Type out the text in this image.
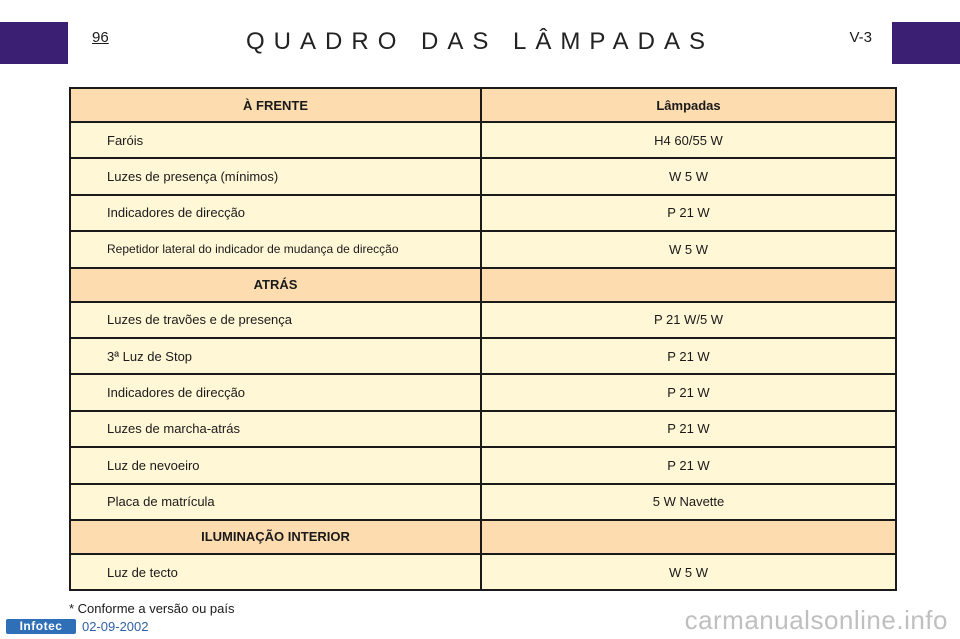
96	QUADRO DAS LÂMPADAS	V-3
À FRENTE	Lâmpadas
Faróis	H4 60/55 W
Luzes de presença (mínimos)	W 5 W
Indicadores de direcção	P 21 W
Repetidor lateral do indicador de mudança de direcção	W 5 W
ATRÁS	
Luzes de travões e de presença	P 21 W/5 W
3ª Luz de Stop	P 21 W
Indicadores de direcção	P 21 W
Luzes de marcha-atrás	P 21 W
Luz de nevoeiro	P 21 W
Placa de matrícula	5 W Navette
ILUMINAÇÃO INTERIOR	
Luz de tecto	W 5 W
* Conforme a versão ou país
Infotec	02-09-2002	carmanualsonline.info
